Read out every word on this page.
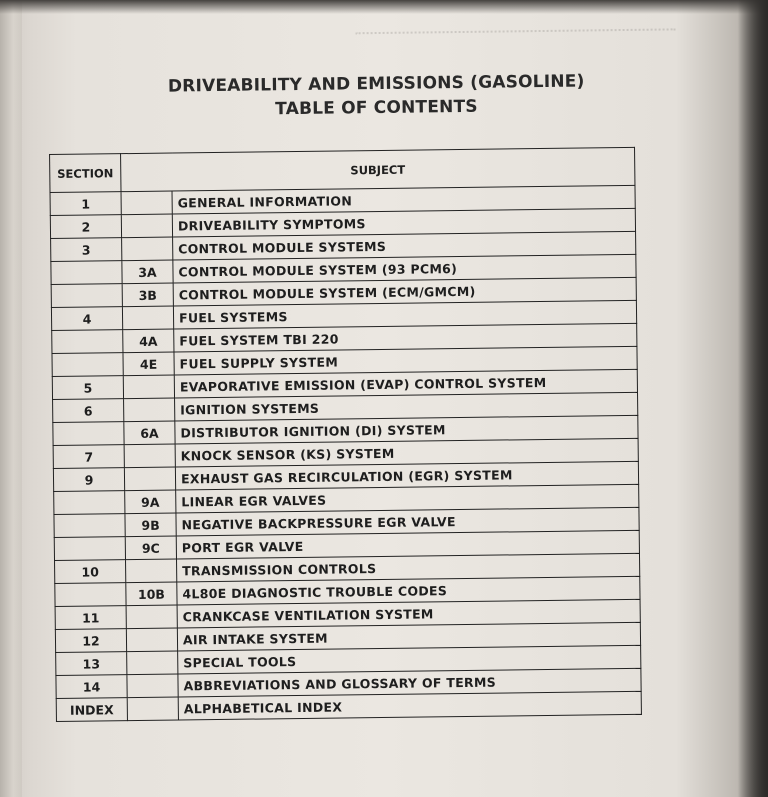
DRIVEABILITY AND EMISSIONS (GASOLINE)
TABLE OF CONTENTS
SECTION	SUBJECT	
1		GENERAL INFORMATION
2		DRIVEABILITY SYMPTOMS
3		CONTROL MODULE SYSTEMS
	3A	CONTROL MODULE SYSTEM (93 PCM6)
	3B	CONTROL MODULE SYSTEM (ECM/GMCM)
4		FUEL SYSTEMS
	4A	FUEL SYSTEM TBI 220
	4E	FUEL SUPPLY SYSTEM
5		EVAPORATIVE EMISSION (EVAP) CONTROL SYSTEM
6		IGNITION SYSTEMS
	6A	DISTRIBUTOR IGNITION (DI) SYSTEM
7		KNOCK SENSOR (KS) SYSTEM
9		EXHAUST GAS RECIRCULATION (EGR) SYSTEM
	9A	LINEAR EGR VALVES
	9B	NEGATIVE BACKPRESSURE EGR VALVE
	9C	PORT EGR VALVE
10		TRANSMISSION CONTROLS
	10B	4L80E DIAGNOSTIC TROUBLE CODES
11		CRANKCASE VENTILATION SYSTEM
12		AIR INTAKE SYSTEM
13		SPECIAL TOOLS
14		ABBREVIATIONS AND GLOSSARY OF TERMS
INDEX		ALPHABETICAL INDEX
